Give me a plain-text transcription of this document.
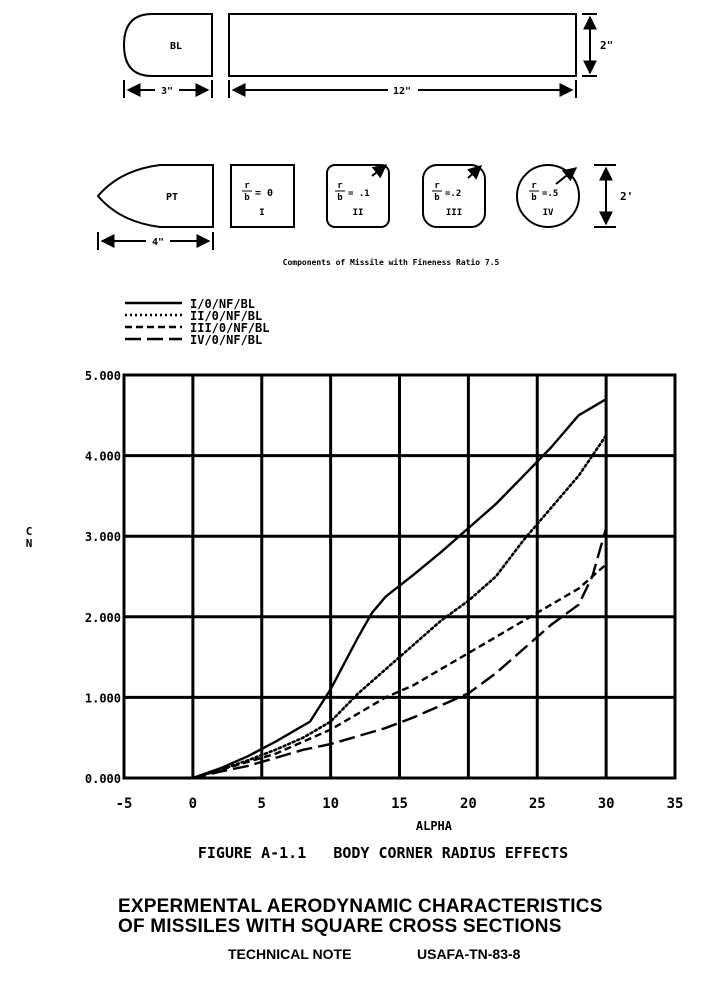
BL
PT
3"	12"
2"
4"
2'
r
b = 0
I
r
b = .1
II
r
b =.2
III
r
b =.5
IV
Components of Missile with Fineness Ratio 7.5
-5	0	5	10	15	20	25	30	35
0.000
1.000
2.000
3.000
4.000
5.000
ALPHA
C
N
I/0/NF/BL
II/0/NF/BL
III/0/NF/BL
IV/0/NF/BL
FIGURE A-1.1   BODY CORNER RADIUS EFFECTS
EXPERMENTAL AERODYNAMIC CHARACTERISTICS
OF MISSILES WITH SQUARE CROSS SECTIONS
TECHNICAL NOTE	USAFA-TN-83-8
